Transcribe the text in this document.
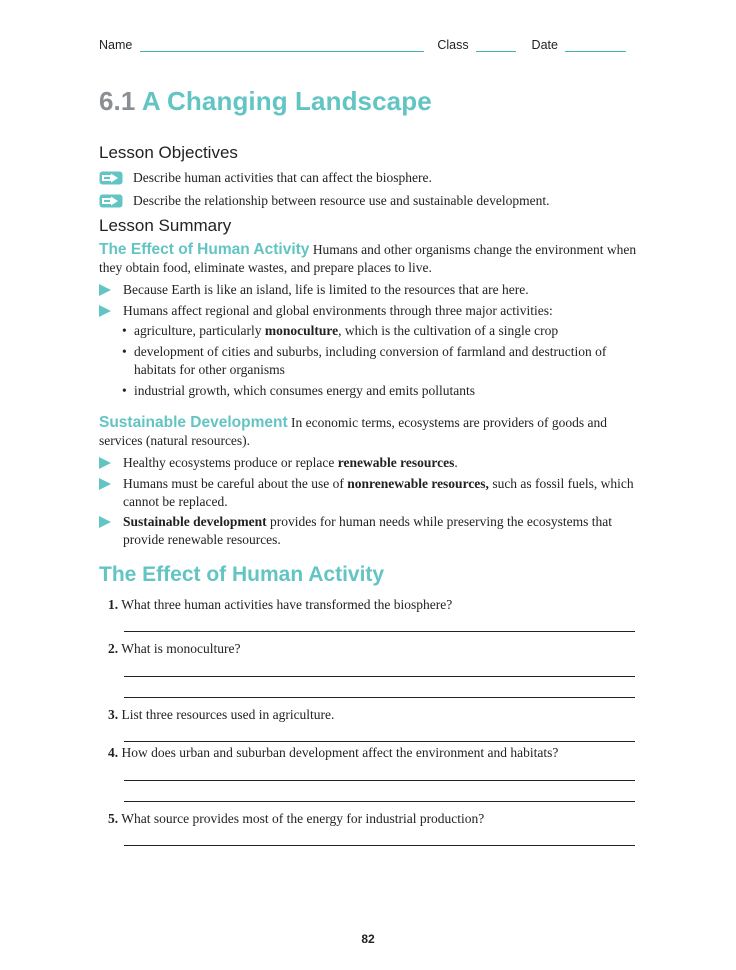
Name	Class	Date
6.1 A Changing Landscape
Lesson Objectives
Describe human activities that can affect the biosphere.
Describe the relationship between resource use and sustainable development.
Lesson Summary
The Effect of Human Activity Humans and other organisms change the environment when they obtain food, eliminate wastes, and prepare places to live.
Because Earth is like an island, life is limited to the resources that are here.
Humans affect regional and global environments through three major activities:
• agriculture, particularly monoculture, which is the cultivation of a single crop
• development of cities and suburbs, including conversion of farmland and destruction of habitats for other organisms
• industrial growth, which consumes energy and emits pollutants
Sustainable Development In economic terms, ecosystems are providers of goods and services (natural resources).
Healthy ecosystems produce or replace renewable resources.
Humans must be careful about the use of nonrenewable resources, such as fossil fuels, which cannot be replaced.
Sustainable development provides for human needs while preserving the ecosystems that provide renewable resources.
The Effect of Human Activity
1. What three human activities have transformed the biosphere?
2. What is monoculture?
3. List three resources used in agriculture.
4. How does urban and suburban development affect the environment and habitats?
5. What source provides most of the energy for industrial production?
82
